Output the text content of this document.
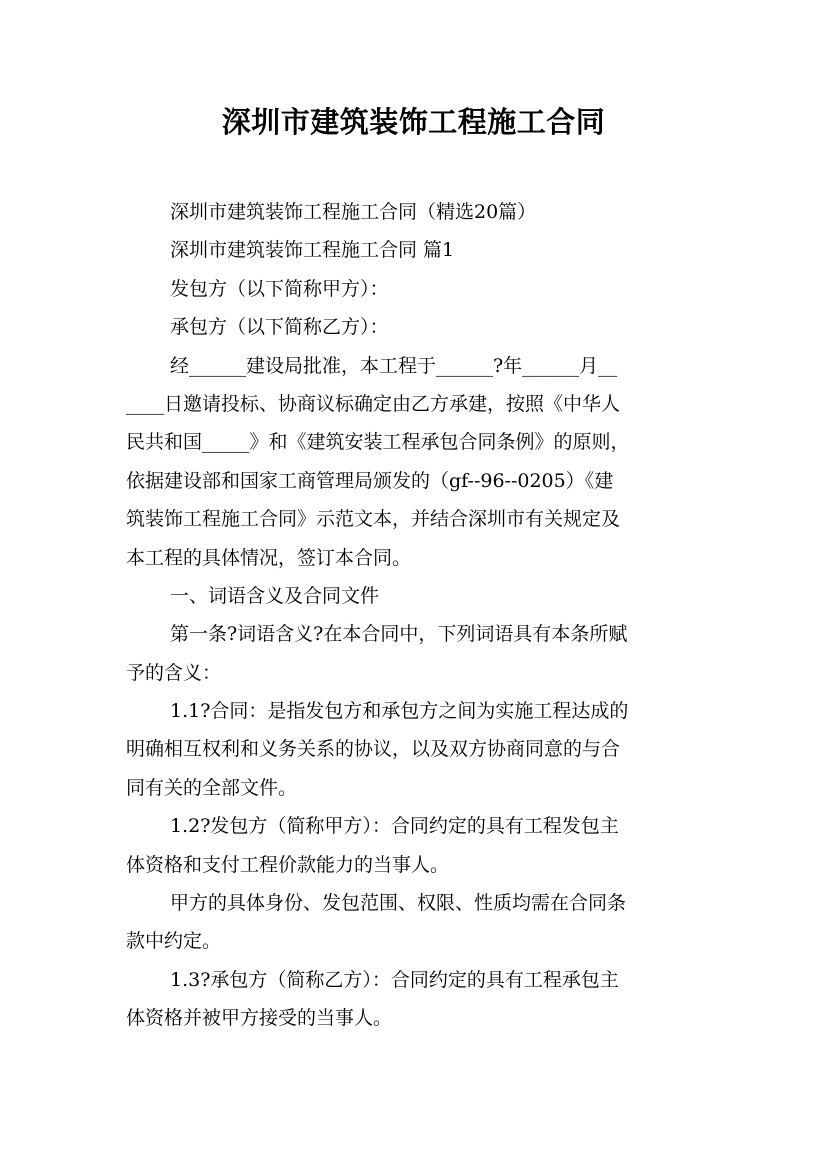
深圳市建筑装饰工程施工合同
深圳市建筑装饰工程施工合同（精选20篇）
深圳市建筑装饰工程施工合同 篇1
发包方（以下简称甲方）：
承包方（以下简称乙方）：
经______建设局批准，本工程于______?年______月__
____日邀请投标、协商议标确定由乙方承建，按照《中华人
民共和国_____》和《建筑安装工程承包合同条例》的原则，
依据建设部和国家工商管理局颁发的（gf--96--0205）《建
筑装饰工程施工合同》示范文本，并结合深圳市有关规定及
本工程的具体情况，签订本合同。
一、词语含义及合同文件
第一条?词语含义?在本合同中，下列词语具有本条所赋
予的含义：
1.1?合同：是指发包方和承包方之间为实施工程达成的
明确相互权利和义务关系的协议，以及双方协商同意的与合
同有关的全部文件。
1.2?发包方（简称甲方）：合同约定的具有工程发包主
体资格和支付工程价款能力的当事人。
甲方的具体身份、发包范围、权限、性质均需在合同条
款中约定。
1.3?承包方（简称乙方）：合同约定的具有工程承包主
体资格并被甲方接受的当事人。
